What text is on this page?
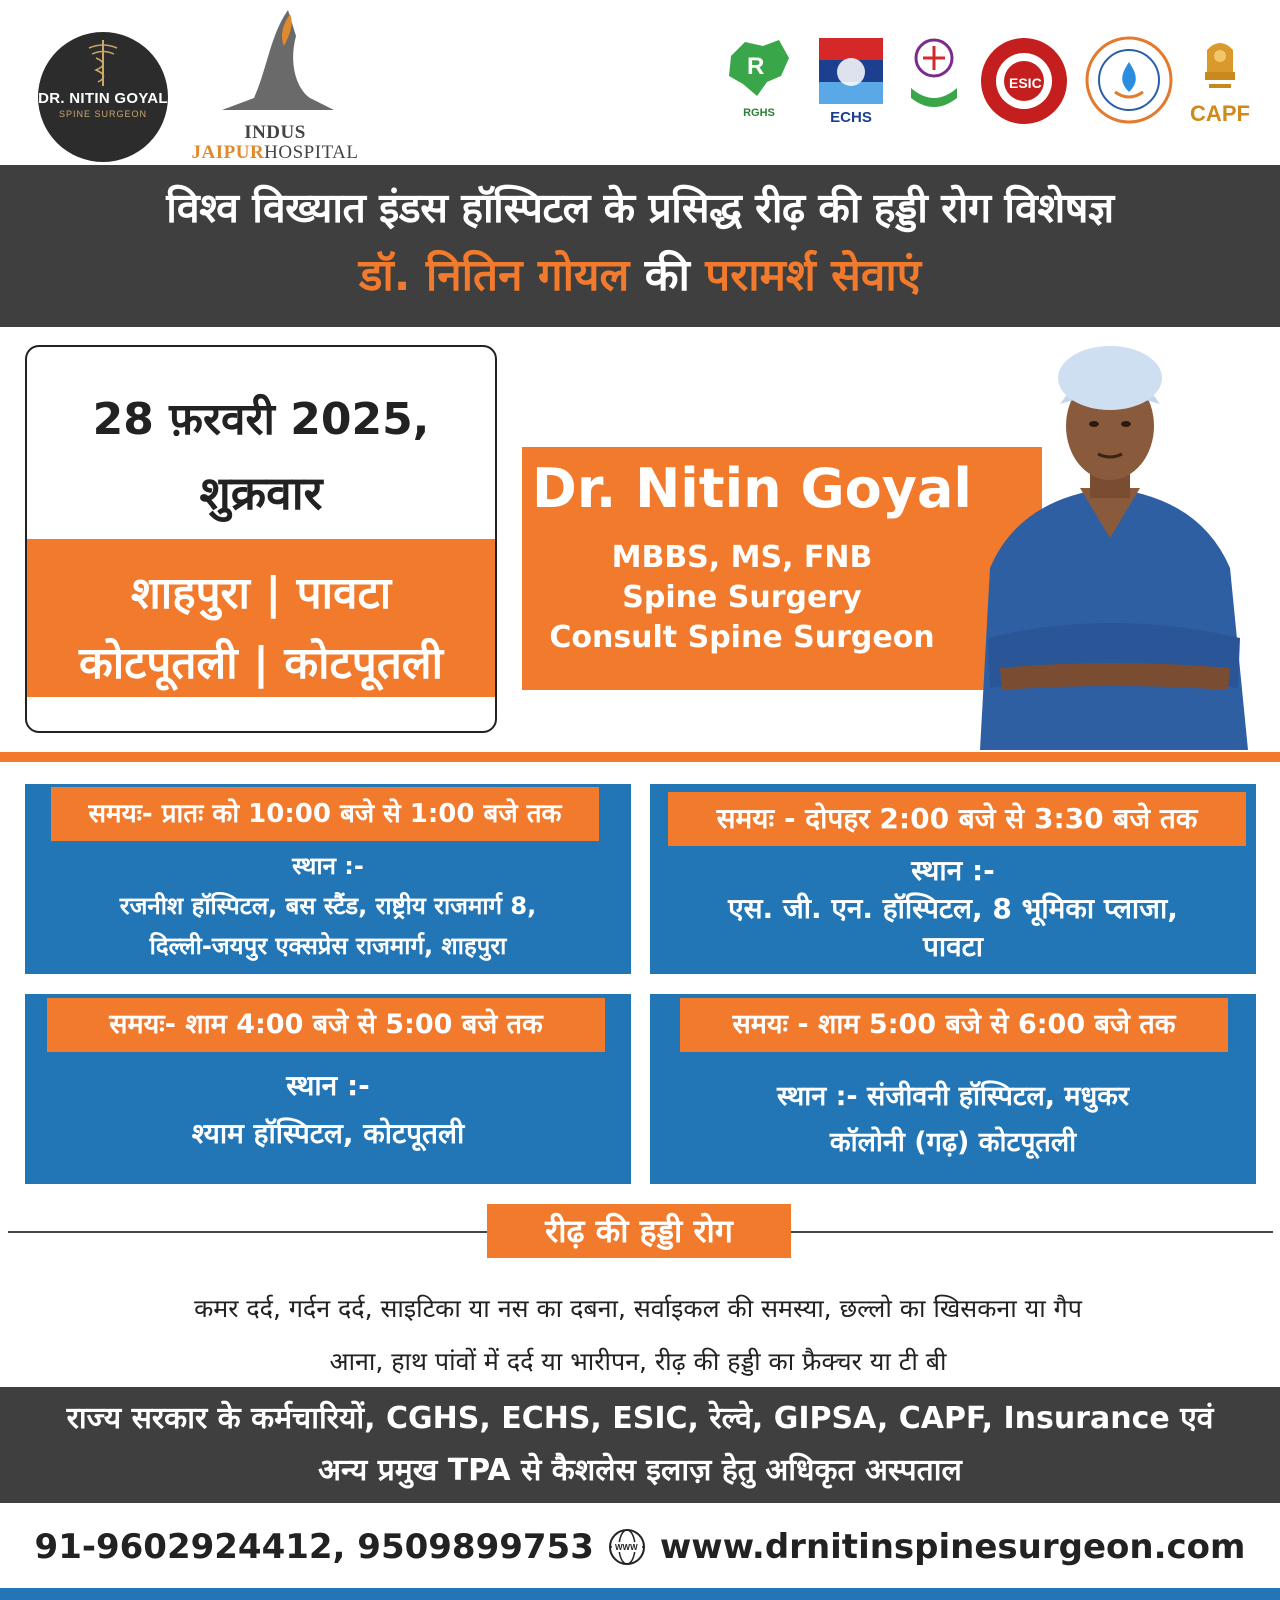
DR. NITIN GOYAL
SPINE SURGEON
INDUS
JAIPURHOSPITAL
R
RGHS	ECHS
ESIC
CAPF
विश्व विख्यात इंडस हॉस्पिटल के प्रसिद्ध रीढ़ की हड्डी रोग विशेषज्ञ
डॉ. नितिन गोयल की परामर्श सेवाएं
28 फ़रवरी 2025,
शुक्रवार
शाहपुरा | पावटा
कोटपूतली | कोटपूतली
Dr. Nitin Goyal
MBBS, MS, FNB
Spine Surgery
Consult Spine Surgeon
समयः- प्रातः को 10:00 बजे से 1:00 बजे तक
स्थान :-
रजनीश हॉस्पिटल, बस स्टैंड, राष्ट्रीय राजमार्ग 8,
दिल्ली-जयपुर एक्सप्रेस राजमार्ग, शाहपुरा
समयः - दोपहर 2:00 बजे से 3:30 बजे तक
स्थान :-
एस. जी. एन. हॉस्पिटल, 8 भूमिका प्लाजा,
पावटा
समयः- शाम 4:00 बजे से 5:00 बजे तक
स्थान :-
श्याम हॉस्पिटल, कोटपूतली
समयः - शाम 5:00 बजे से 6:00 बजे तक
स्थान :- संजीवनी हॉस्पिटल, मधुकर
कॉलोनी (गढ़) कोटपूतली
रीढ़ की हड्डी रोग
कमर दर्द, गर्दन दर्द, साइटिका या नस का दबना, सर्वाइकल की समस्या, छल्लो का खिसकना या गैप
आना, हाथ पांवों में दर्द या भारीपन, रीढ़ की हड्डी का फ्रैक्चर या टी बी
राज्य सरकार के कर्मचारियों, CGHS, ECHS, ESIC, रेल्वे, GIPSA, CAPF, Insurance एवं
अन्य प्रमुख TPA से कैशलेस इलाज़ हेतु अधिकृत अस्पताल
91-9602924412, 9509899753	WWW www.drnitinspinesurgeon.com
